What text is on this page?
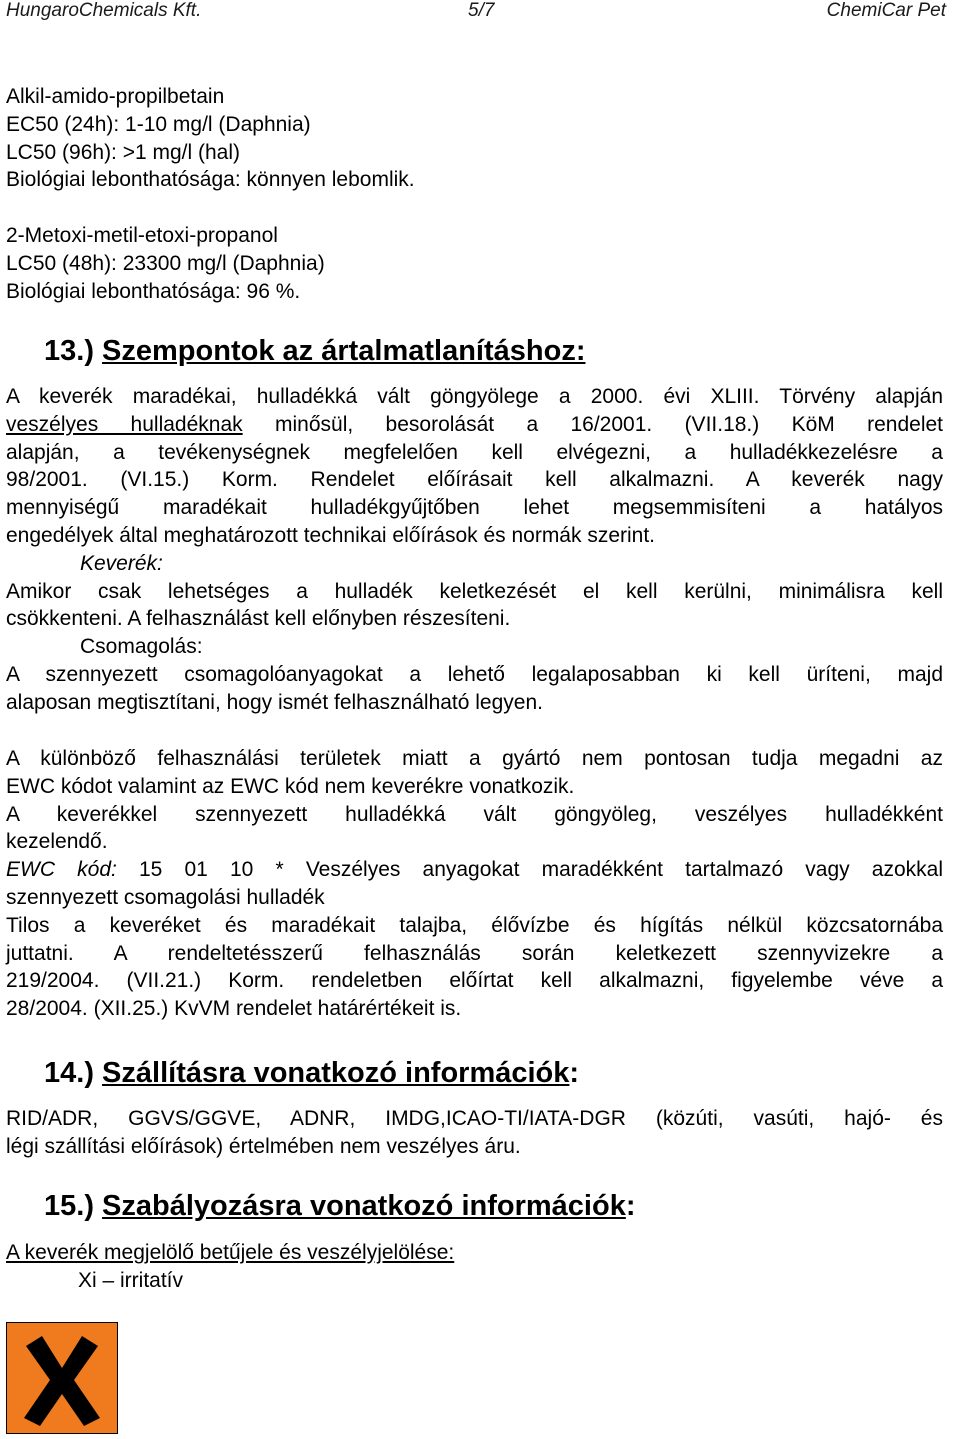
HungaroChemicals Kft.	5/7	ChemiCar Pet
Alkil-amido-propilbetain
EC50 (24h): 1-10 mg/l (Daphnia)
LC50 (96h): >1 mg/l (hal)
Biológiai lebonthatósága: könnyen lebomlik.
2-Metoxi-metil-etoxi-propanol
LC50 (48h): 23300 mg/l (Daphnia)
Biológiai lebonthatósága: 96 %.
13.) Szempontok az ártalmatlanításhoz:
A keverék maradékai, hulladékká vált göngyölege a 2000. évi XLIII. Törvény alapján
veszélyes hulladéknak minősül, besorolását a 16/2001. (VII.18.) KöM rendelet
alapján, a tevékenységnek megfelelően kell elvégezni, a hulladékkezelésre a
98/2001. (VI.15.) Korm. Rendelet előírásait kell alkalmazni. A keverék nagy
mennyiségű maradékait hulladékgyűjtőben lehet megsemmisíteni a hatályos
engedélyek által meghatározott technikai előírások és normák szerint.
Keverék:
Amikor csak lehetséges a hulladék keletkezését el kell kerülni, minimálisra kell
csökkenteni. A felhasználást kell előnyben részesíteni.
Csomagolás:
A szennyezett csomagolóanyagokat a lehető legalaposabban ki kell üríteni, majd
alaposan megtisztítani, hogy ismét felhasználható legyen.
A különböző felhasználási területek miatt a gyártó nem pontosan tudja megadni az
EWC kódot valamint az EWC kód nem keverékre vonatkozik.
A keverékkel szennyezett hulladékká vált göngyöleg, veszélyes hulladékként
kezelendő.
EWC kód: 15 01 10 * Veszélyes anyagokat maradékként tartalmazó vagy azokkal
szennyezett csomagolási hulladék
Tilos a keveréket és maradékait talajba, élővízbe és hígítás nélkül közcsatornába
juttatni. A rendeltetésszerű felhasználás során keletkezett szennyvizekre a
219/2004. (VII.21.) Korm. rendeletben előírtat kell alkalmazni, figyelembe véve a
28/2004. (XII.25.) KvVM rendelet határértékeit is.
14.) Szállításra vonatkozó információk:
RID/ADR, GGVS/GGVE, ADNR, IMDG,ICAO-TI/IATA-DGR (közúti, vasúti, hajó- és
légi szállítási előírások) értelmében nem veszélyes áru.
15.) Szabályozásra vonatkozó információk:
A keverék megjelölő betűjele és veszélyjelölése:
Xi – irritatív
